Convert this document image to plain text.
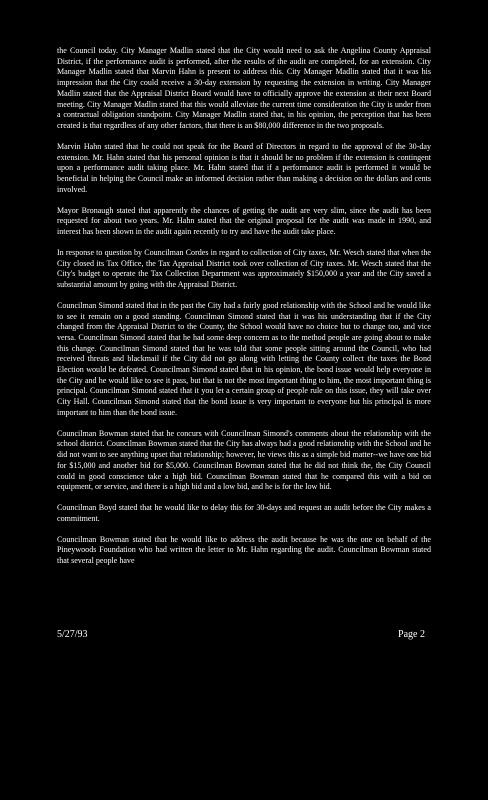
the Council today. City Manager Madlin stated that the City would need to ask the Angelina County Appraisal District, if the performance audit is performed, after the results of the audit are completed, for an extension. City Manager Madlin stated that Marvin Hahn is present to address this. City Manager Madlin stated that it was his impression that the City could receive a 30-day extension by requesting the extension in writing. City Manager Madlin stated that the Appraisal District Board would have to officially approve the extension at their next Board meeting. City Manager Madlin stated that this would alleviate the current time consideration the City is under from a contractual obligation standpoint. City Manager Madlin stated that, in his opinion, the perception that has been created is that regardless of any other factors, that there is an $80,000 difference in the two proposals.

Marvin Hahn stated that he could not speak for the Board of Directors in regard to the approval of the 30-day extension. Mr. Hahn stated that his personal opinion is that it should be no problem if the extension is contingent upon a performance audit taking place. Mr. Hahn stated that if a performance audit is performed it would be beneficial in helping the Council make an informed decision rather than making a decision on the dollars and cents involved.

Mayor Bronaugh stated that apparently the chances of getting the audit are very slim, since the audit has been requested for about two years. Mr. Hahn stated that the original proposal for the audit was made in 1990, and interest has been shown in the audit again recently to try and have the audit take place.

In response to question by Councilman Cordes in regard to collection of City taxes, Mr. Wesch stated that when the City closed its Tax Office, the Tax Appraisal District took over collection of City taxes. Mr. Wesch stated that the City's budget to operate the Tax Collection Department was approximately $150,000 a year and the City saved a substantial amount by going with the Appraisal District.

Councilman Simond stated that in the past the City had a fairly good relationship with the School and he would like to see it remain on a good standing. Councilman Simond stated that it was his understanding that if the City changed from the Appraisal District to the County, the School would have no choice but to change too, and vice versa. Councilman Simond stated that he had some deep concern as to the method people are going about to make this change. Councilman Simond stated that he was told that some people sitting around the Council, who had received threats and blackmail if the City did not go along with letting the County collect the taxes the Bond Election would be defeated. Councilman Simond stated that in his opinion, the bond issue would help everyone in the City and he would like to see it pass, but that is not the most important thing to him, the most important thing is principal. Councilman Simond stated that it you let a certain group of people rule on this issue, they will take over City Hall. Councilman Simond stated that the bond issue is very important to everyone but his principal is more important to him than the bond issue.

Councilman Bowman stated that he concurs with Councilman Simond's comments about the relationship with the school district. Councilman Bowman stated that the City has always had a good relationship with the School and he did not want to see anything upset that relationship; however, he views this as a simple bid matter--we have one bid for $15,000 and another bid for $5,000. Councilman Bowman stated that he did not think the, the City Council could in good conscience take a high bid. Councilman Bowman stated that he compared this with a bid on equipment, or service, and there is a high bid and a low bid, and he is for the low bid.

Councilman Boyd stated that he would like to delay this for 30-days and request an audit before the City makes a commitment.

Councilman Bowman stated that he would like to address the audit because he was the one on behalf of the Pineywoods Foundation who had written the letter to Mr. Hahn regarding the audit. Councilman Bowman stated that several people have

5/27/93	Page 2
